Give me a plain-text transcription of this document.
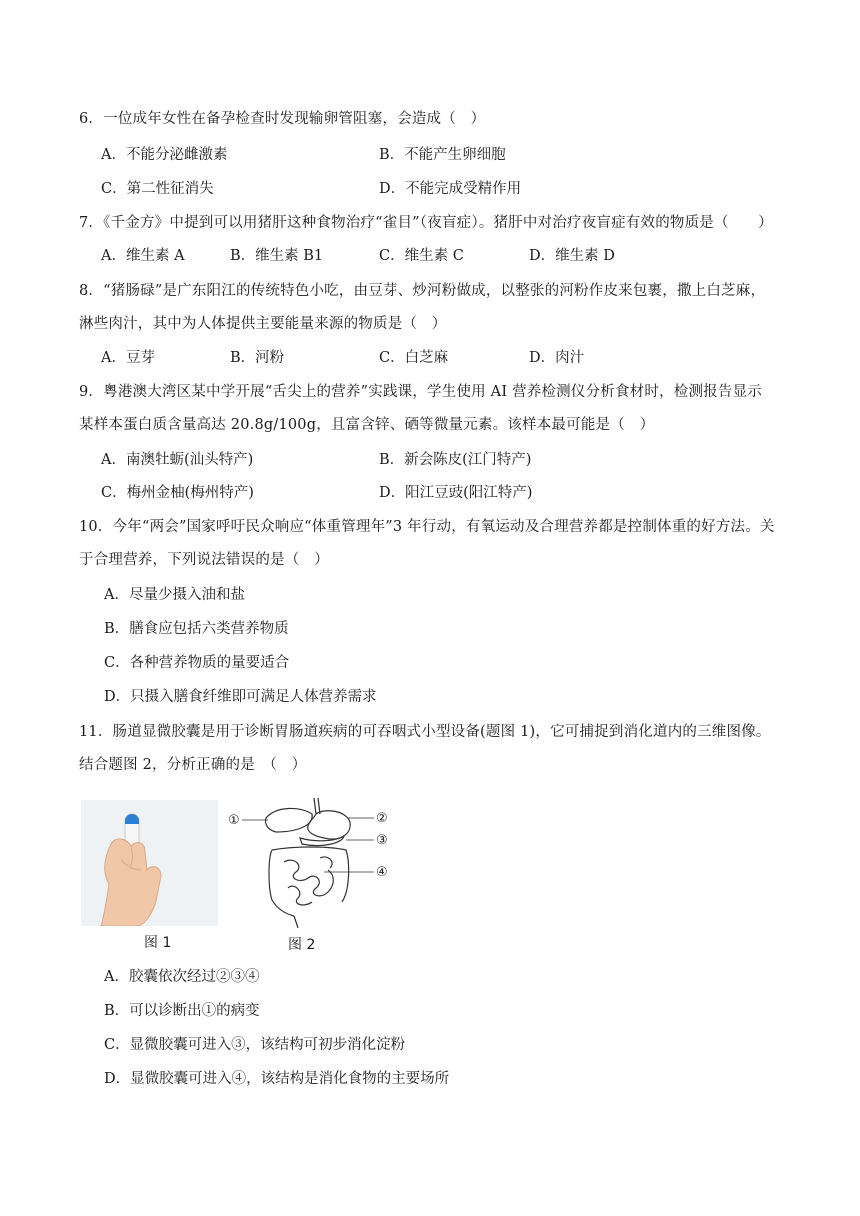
6．一位成年女性在备孕检查时发现输卵管阻塞，会造成（　）
A．不能分泌雌激素	B．不能产生卵细胞
C．第二性征消失	D．不能完成受精作用
7．《千金方》中提到可以用猪肝这种食物治疗“雀目”（夜盲症）。猪肝中对治疗夜盲症有效的物质是（　　）
A．维生素 A	B．维生素 B1	C．维生素 C	D．维生素 D
8．“猪肠碌”是广东阳江的传统特色小吃，由豆芽、炒河粉做成，以整张的河粉作皮来包裹，撒上白芝麻，
淋些肉汁，其中为人体提供主要能量来源的物质是（　）
A．豆芽	B．河粉	C．白芝麻	D．肉汁
9．粤港澳大湾区某中学开展“舌尖上的营养”实践课，学生使用 AI 营养检测仪分析食材时，检测报告显示
某样本蛋白质含量高达 20.8g/100g，且富含锌、硒等微量元素。该样本最可能是（　）
A．南澳牡蛎(汕头特产)	B．新会陈皮(江门特产)
C．梅州金柚(梅州特产)	D．阳江豆豉(阳江特产)
10．今年“两会”国家呼吁民众响应“体重管理年”3 年行动，有氧运动及合理营养都是控制体重的好方法。关
于合理营养，下列说法错误的是（　）
A．尽量少摄入油和盐
B．膳食应包括六类营养物质
C．各种营养物质的量要适合
D．只摄入膳食纤维即可满足人体营养需求
11．肠道显微胶囊是用于诊断胃肠道疾病的可吞咽式小型设备(题图 1)，它可捕捉到消化道内的三维图像。
结合题图 2，分析正确的是　（　）
图 1
①	②
③
④
图 2
A．胶囊依次经过②③④
B．可以诊断出①的病变
C．显微胶囊可进入③，该结构可初步消化淀粉
D．显微胶囊可进入④，该结构是消化食物的主要场所
